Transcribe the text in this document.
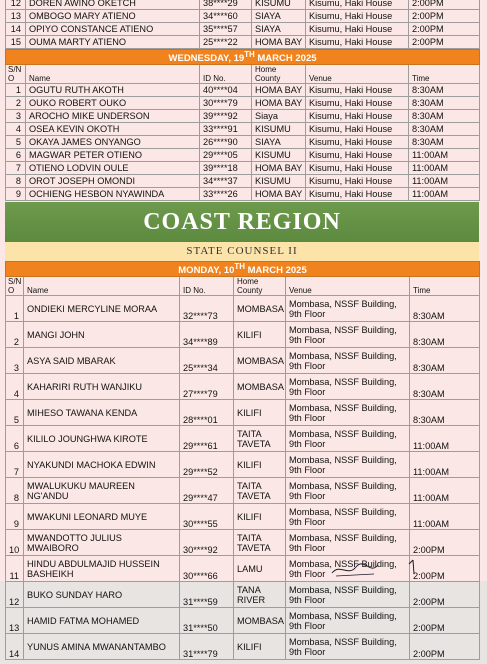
12	DOREN AWINO OKETCH	38****29	KISUMU	Kisumu, Haki House	2:00PM
13	OMBOGO MARY ATIENO	34****60	SIAYA	Kisumu, Haki House	2:00PM
14	OPIYO CONSTANCE ATIENO	35****57	SIAYA	Kisumu, Haki House	2:00PM
15	OUMA MARTY ATIENO	25****22	HOMA BAY	Kisumu, Haki House	2:00PM
WEDNESDAY, 19TH MARCH 2025					
S/N O	Name	ID No.	Home County	Venue	Time
1	OGUTU RUTH AKOTH	40****04	HOMA BAY	Kisumu, Haki House	8:30AM
2	OUKO ROBERT OUKO	30****79	HOMA BAY	Kisumu, Haki House	8:30AM
3	AROCHO MIKE UNDERSON	39****92	Siaya	Kisumu, Haki House	8:30AM
4	OSEA KEVIN OKOTH	33****91	KISUMU	Kisumu, Haki House	8:30AM
5	OKAYA JAMES ONYANGO	26****90	SIAYA	Kisumu, Haki House	8:30AM
6	MAGWAR PETER OTIENO	29****05	KISUMU	Kisumu, Haki House	11:00AM
7	OTIENO LODVIN OULE	39****18	HOMA BAY	Kisumu, Haki House	11:00AM
8	OROT JOSEPH OMONDI	34****37	KISUMU	Kisumu, Haki House	11:00AM
9	OCHIENG HESBON NYAWINDA	33****26	HOMA BAY	Kisumu, Haki House	11:00AM
COAST REGION
STATE COUNSEL II
MONDAY, 10TH MARCH 2025					
S/N O	Name	ID No.	Home County	Venue	Time
1	ONDIEKI MERCYLINE MORAA	32****73	MOMBASA	Mombasa, NSSF Building, 9th Floor	8:30AM
2	MANGI JOHN	34****89	KILIFI	Mombasa, NSSF Building, 9th Floor	8:30AM
3	ASYA SAID MBARAK	25****34	MOMBASA	Mombasa, NSSF Building, 9th Floor	8:30AM
4	KAHARIRI RUTH WANJIKU	27****79	MOMBASA	Mombasa, NSSF Building, 9th Floor	8:30AM
5	MIHESO TAWANA KENDA	28****01	KILIFI	Mombasa, NSSF Building, 9th Floor	8:30AM
6	KILILO JOUNGHWA KIROTE	29****61	TAITA TAVETA	Mombasa, NSSF Building, 9th Floor	11:00AM
7	NYAKUNDI MACHOKA EDWIN	29****52	KILIFI	Mombasa, NSSF Building, 9th Floor	11:00AM
8	MWALUKUKU MAUREEN NG'ANDU	29****47	TAITA TAVETA	Mombasa, NSSF Building, 9th Floor	11:00AM
9	MWAKUNI LEONARD MUYE	30****55	KILIFI	Mombasa, NSSF Building, 9th Floor	11:00AM
10	MWANDOTTO JULIUS MWAIBORO	30****92	TAITA TAVETA	Mombasa, NSSF Building, 9th Floor	2:00PM
11	HINDU ABDULMAJID HUSSEIN BASHEIKH	30****66	LAMU	Mombasa, NSSF Building, 9th Floor	2:00PM
12	BUKO SUNDAY HARO	31****59	TANA RIVER	Mombasa, NSSF Building, 9th Floor	2:00PM
13	HAMID FATMA MOHAMED	31****50	MOMBASA	Mombasa, NSSF Building, 9th Floor	2:00PM
14	YUNUS AMINA MWANANTAMBO	31****79	KILIFI	Mombasa, NSSF Building, 9th Floor	2:00PM
